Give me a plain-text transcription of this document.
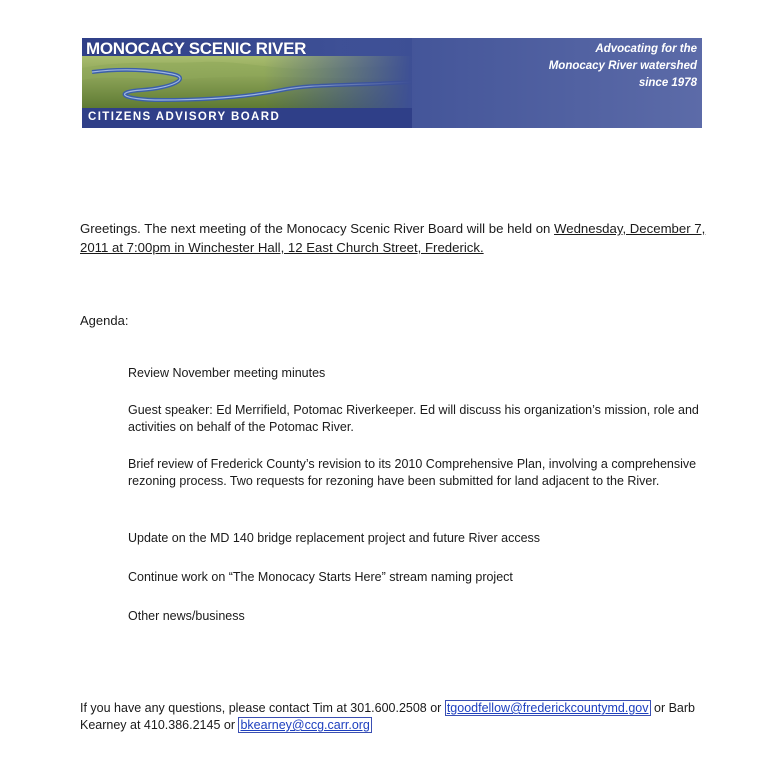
MONOCACY SCENIC RIVER
CITIZENS ADVISORY BOARD
Advocating for the
Monocacy River watershed
since 1978
Greetings. The next meeting of the Monocacy Scenic River Board will be held on Wednesday, December 7, 2011 at 7:00pm in Winchester Hall, 12 East Church Street, Frederick.
Agenda:
Review November meeting minutes
Guest speaker: Ed Merrifield, Potomac Riverkeeper. Ed will discuss his organization’s mission, role and activities on behalf of the Potomac River.
Brief review of Frederick County’s revision to its 2010 Comprehensive Plan, involving a comprehensive rezoning process. Two requests for rezoning have been submitted for land adjacent to the River.
Update on the MD 140 bridge replacement project and future River access
Continue work on “The Monocacy Starts Here” stream naming project
Other news/business
If you have any questions, please contact Tim at 301.600.2508 or tgoodfellow@frederickcountymd.gov or Barb Kearney at 410.386.2145 or bkearney@ccg.carr.org
